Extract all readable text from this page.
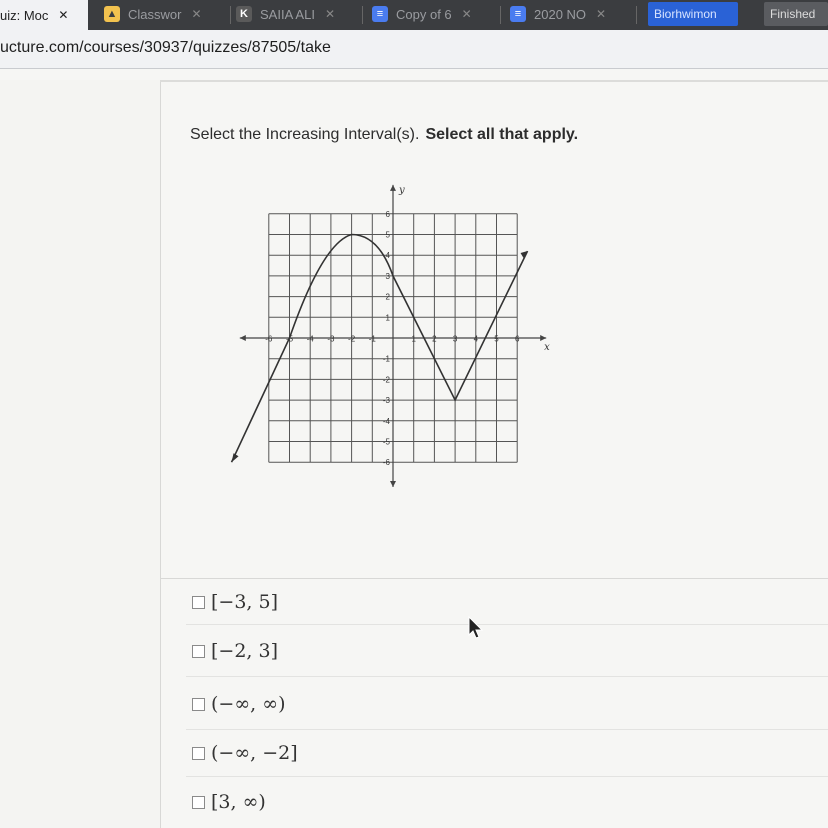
uiz: Moc ✕	▲ Classwor ✕	K SAIIA ALI ✕	≡ Copy of 6 ✕	≡ 2020 NO ✕	Biorhwimon	Finished
ucture.com/courses/30937/quizzes/87505/take
Select the Increasing Interval(s). Select all that apply.
y
x
-6 -5 -4 -3 -2 -1	1 2 3 4 5 6
6
5
4
3
2
1
-1
-2
-3
-4
-5
-6
[−3, 5]
[−2, 3]
(−∞, ∞)
(−∞, −2]
[3, ∞)
